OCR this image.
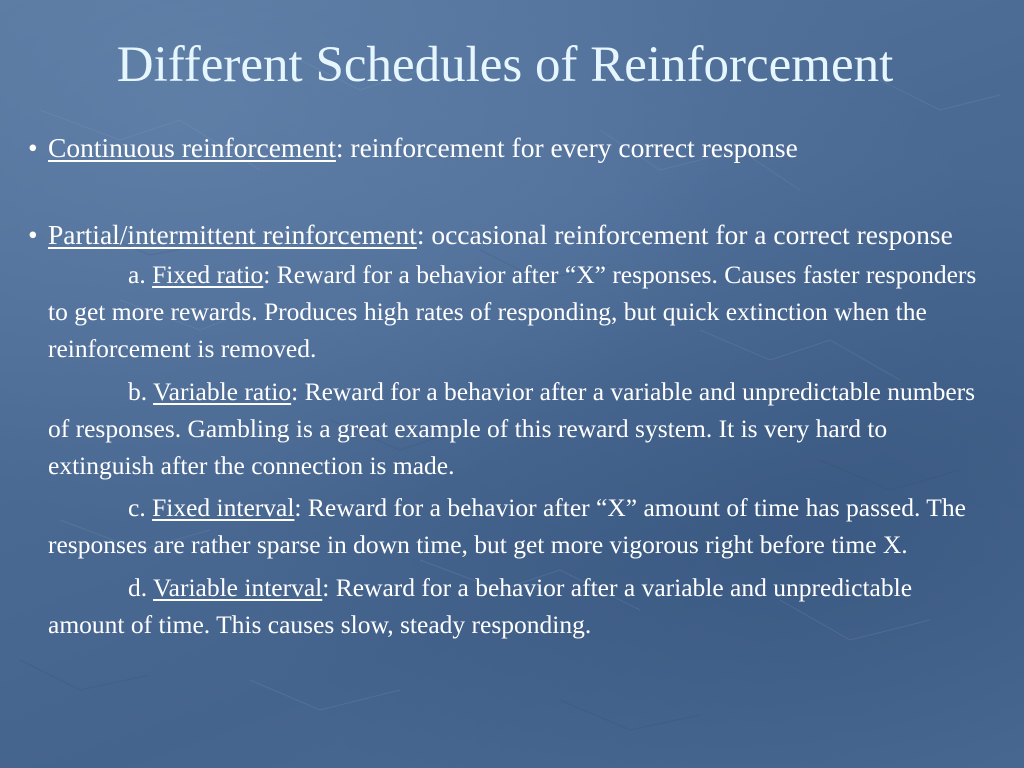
Different Schedules of Reinforcement

• Continuous reinforcement: reinforcement for every correct response

• Partial/intermittent reinforcement: occasional reinforcement for a correct response

a. Fixed ratio: Reward for a behavior after “X” responses. Causes faster responders to get more rewards. Produces high rates of responding, but quick extinction when the reinforcement is removed.

b. Variable ratio: Reward for a behavior after a variable and unpredictable numbers of responses. Gambling is a great example of this reward system. It is very hard to extinguish after the connection is made.

c. Fixed interval: Reward for a behavior after “X” amount of time has passed. The responses are rather sparse in down time, but get more vigorous right before time X.

d. Variable interval: Reward for a behavior after a variable and unpredictable amount of time. This causes slow, steady responding.
